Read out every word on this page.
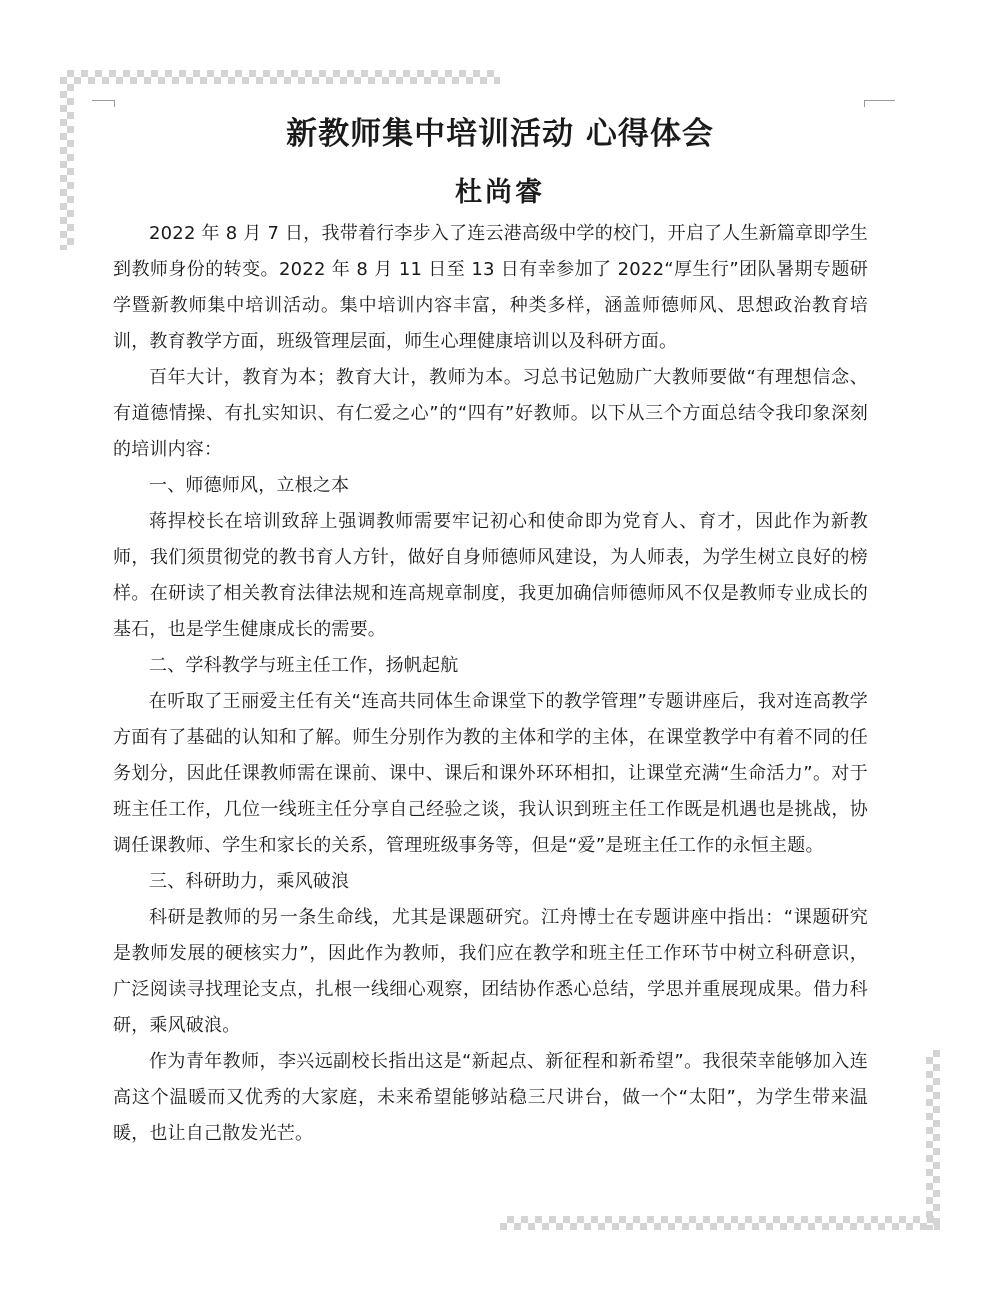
新教师集中培训活动 心得体会
杜尚睿

2022 年 8 月 7 日，我带着行李步入了连云港高级中学的校门，开启了人生新篇章即学生到教师身份的转变。2022 年 8 月 11 日至 13 日有幸参加了 2022“厚生行”团队暑期专题研学暨新教师集中培训活动。集中培训内容丰富，种类多样，涵盖师德师风、思想政治教育培训，教育教学方面，班级管理层面，师生心理健康培训以及科研方面。

百年大计，教育为本；教育大计，教师为本。习总书记勉励广大教师要做“有理想信念、有道德情操、有扎实知识、有仁爱之心”的“四有”好教师。以下从三个方面总结令我印象深刻的培训内容：

一、师德师风，立根之本

蒋捍校长在培训致辞上强调教师需要牢记初心和使命即为党育人、育才，因此作为新教师，我们须贯彻党的教书育人方针，做好自身师德师风建设，为人师表，为学生树立良好的榜样。在研读了相关教育法律法规和连高规章制度，我更加确信师德师风不仅是教师专业成长的基石，也是学生健康成长的需要。

二、学科教学与班主任工作，扬帆起航

在听取了王丽爱主任有关“连高共同体生命课堂下的教学管理”专题讲座后，我对连高教学方面有了基础的认知和了解。师生分别作为教的主体和学的主体，在课堂教学中有着不同的任务划分，因此任课教师需在课前、课中、课后和课外环环相扣，让课堂充满“生命活力”。对于班主任工作，几位一线班主任分享自己经验之谈，我认识到班主任工作既是机遇也是挑战，协调任课教师、学生和家长的关系，管理班级事务等，但是“爱”是班主任工作的永恒主题。

三、科研助力，乘风破浪

科研是教师的另一条生命线，尤其是课题研究。江舟博士在专题讲座中指出：“课题研究是教师发展的硬核实力”，因此作为教师，我们应在教学和班主任工作环节中树立科研意识，广泛阅读寻找理论支点，扎根一线细心观察，团结协作悉心总结，学思并重展现成果。借力科研，乘风破浪。

作为青年教师，李兴远副校长指出这是“新起点、新征程和新希望”。我很荣幸能够加入连高这个温暖而又优秀的大家庭，未来希望能够站稳三尺讲台，做一个“太阳”，为学生带来温暖，也让自己散发光芒。
